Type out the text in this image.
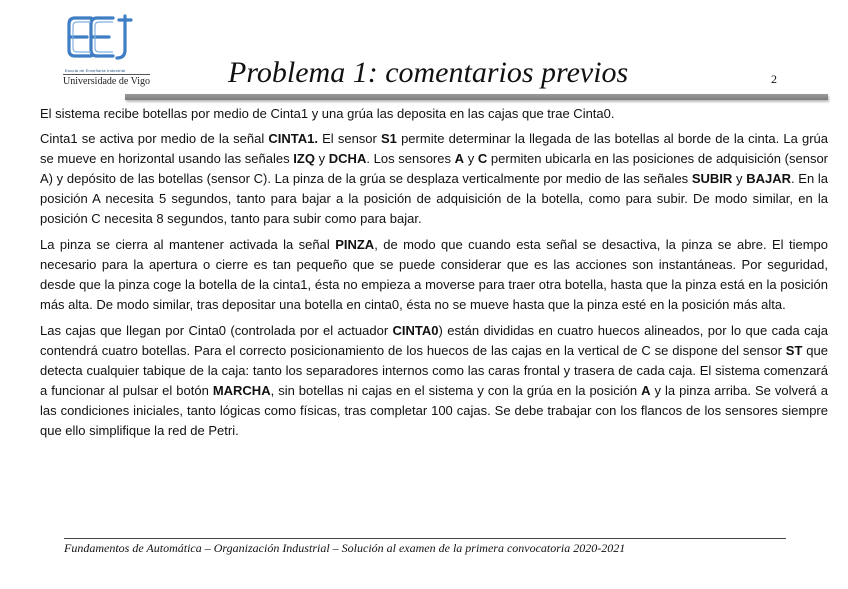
Escola de Enxeñaría Industrial
Universidade de Vigo	Problema 1: comentarios previos	2

El sistema recibe botellas por medio de Cinta1 y una grúa las deposita en las cajas que trae Cinta0.

Cinta1 se activa por medio de la señal CINTA1. El sensor S1 permite determinar la llegada de las botellas al borde de la cinta. La grúa se mueve en horizontal usando las señales IZQ y DCHA. Los sensores A y C permiten ubicarla en las posiciones de adquisición (sensor A) y depósito de las botellas (sensor C). La pinza de la grúa se desplaza verticalmente por medio de las señales SUBIR y BAJAR. En la posición A necesita 5 segundos, tanto para bajar a la posición de adquisición de la botella, como para subir. De modo similar, en la posición C necesita 8 segundos, tanto para subir como para bajar.

La pinza se cierra al mantener activada la señal PINZA, de modo que cuando esta señal se desactiva, la pinza se abre. El tiempo necesario para la apertura o cierre es tan pequeño que se puede considerar que es las acciones son instantáneas. Por seguridad, desde que la pinza coge la botella de la cinta1, ésta no empieza a moverse para traer otra botella, hasta que la pinza está en la posición más alta. De modo similar, tras depositar una botella en cinta0, ésta no se mueve hasta que la pinza esté en la posición más alta.

Las cajas que llegan por Cinta0 (controlada por el actuador CINTA0) están divididas en cuatro huecos alineados, por lo que cada caja contendrá cuatro botellas. Para el correcto posicionamiento de los huecos de las cajas en la vertical de C se dispone del sensor ST que detecta cualquier tabique de la caja: tanto los separadores internos como las caras frontal y trasera de cada caja. El sistema comenzará a funcionar al pulsar el botón MARCHA, sin botellas ni cajas en el sistema y con la grúa en la posición A y la pinza arriba. Se volverá a las condiciones iniciales, tanto lógicas como físicas, tras completar 100 cajas. Se debe trabajar con los flancos de los sensores siempre que ello simplifique la red de Petri.

Fundamentos de Automática – Organización Industrial – Solución al examen de la primera convocatoria 2020-2021
